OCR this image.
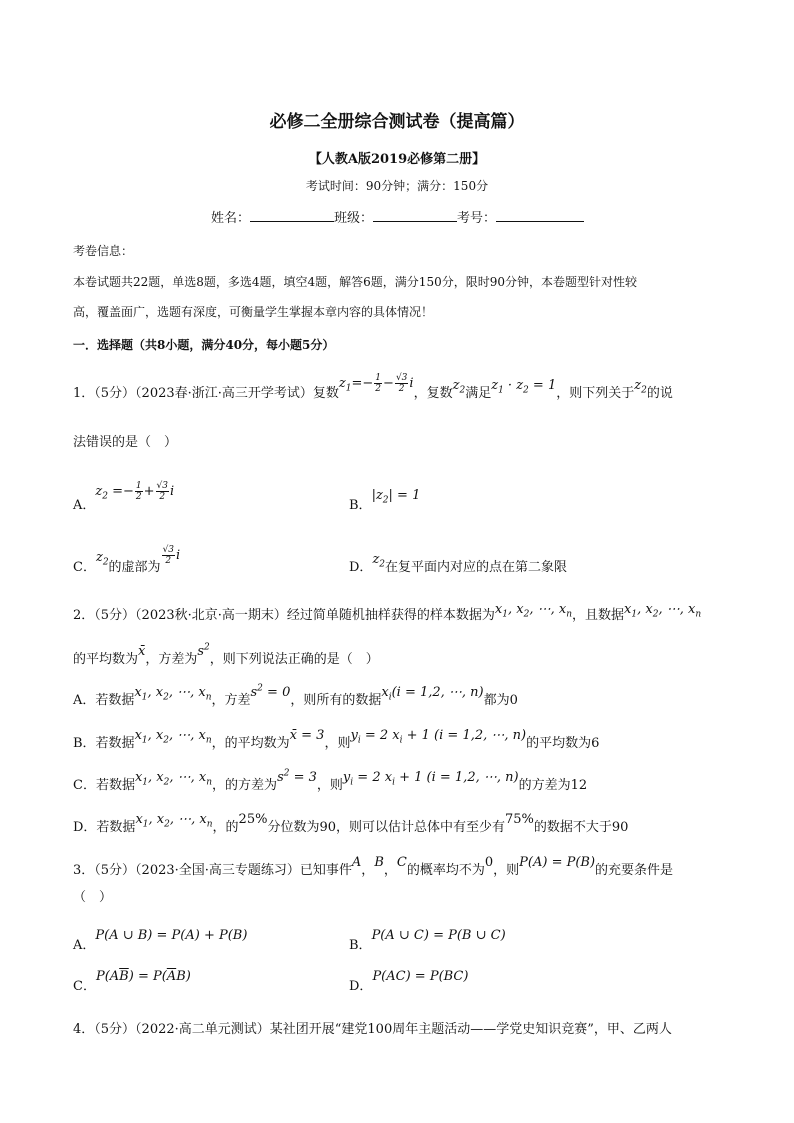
必修二全册综合测试卷（提高篇）
【人教A版2019必修第二册】
考试时间：90分钟；满分：150分
姓名：	班级：	考号：
考卷信息：
本卷试题共22题，单选8题，多选4题，填空4题，解答6题，满分150分，限时90分钟，本卷题型针对性较
高，覆盖面广，选题有深度，可衡量学生掌握本章内容的具体情况！
一．选择题（共8小题，满分40分，每小题5分）
1．（5分）（2023春·浙江·高三开学考试）复数$z_1=- \frac{1}{2} - \frac{√3}{2}$ i，复数$z_2$满足$z_1 \cdot z_2 = 1$，则下列关于$z_2$的说
法错误的是（　）
A．$z_2 =- \frac{1}{2} + \frac{√3}{2}$ i
B．$|z_2| = 1$
C．$z_2$的虚部为
$\frac{√3}{2}$ i
D．$z_2$在复平面内对应的点在第二象限
2．（5分）（2023秋·北京·高一期末）经过简单随机抽样获得的样本数据为$x_1$, $x_2$, ⋯, $x_n$，且数据$x_1$, $x_2$, ⋯, $x_n$
的平均数为x̄，方差为$s^2$，则下列说法正确的是（　）
A．若数据$x_1$, $x_2$, ⋯, $x_n$，方差$s^2 = 0$，则所有的数据$x_i(i = 1,2$, ⋯, n)都为0
B．若数据$x_1$, $x_2$, ⋯, $x_n$，的平均数为x̄ = 3，则$y_i = 2$ $x_i + 1$ (i = 1,2, ⋯, n)的平均数为6
C．若数据$x_1$, $x_2$, ⋯, $x_n$，的方差为$s^2 = 3$，则$y_i = 2$ $x_i + 1$ (i = 1,2, ⋯, n)的方差为12
D．若数据$x_1$, $x_2$, ⋯, $x_n$，的25%分位数为90，则可以估计总体中有至少有75%的数据不大于90
3．（5分）（2023·全国·高三专题练习）已知事件A，B，C的概率均不为0，则P(A) = P(B)的充要条件是
（　）
A．P(A ∪ B) = P(A) + P(B)
B．P(A ∪ C) = P(B ∪ C)
C．$P(A\overline{B}) = P(\overline{A}B)$
D．P(AC) = P(BC)
4．（5分）（2022·高二单元测试）某社团开展“建党100周年主题活动——学党史知识竞赛”，甲、乙两人
